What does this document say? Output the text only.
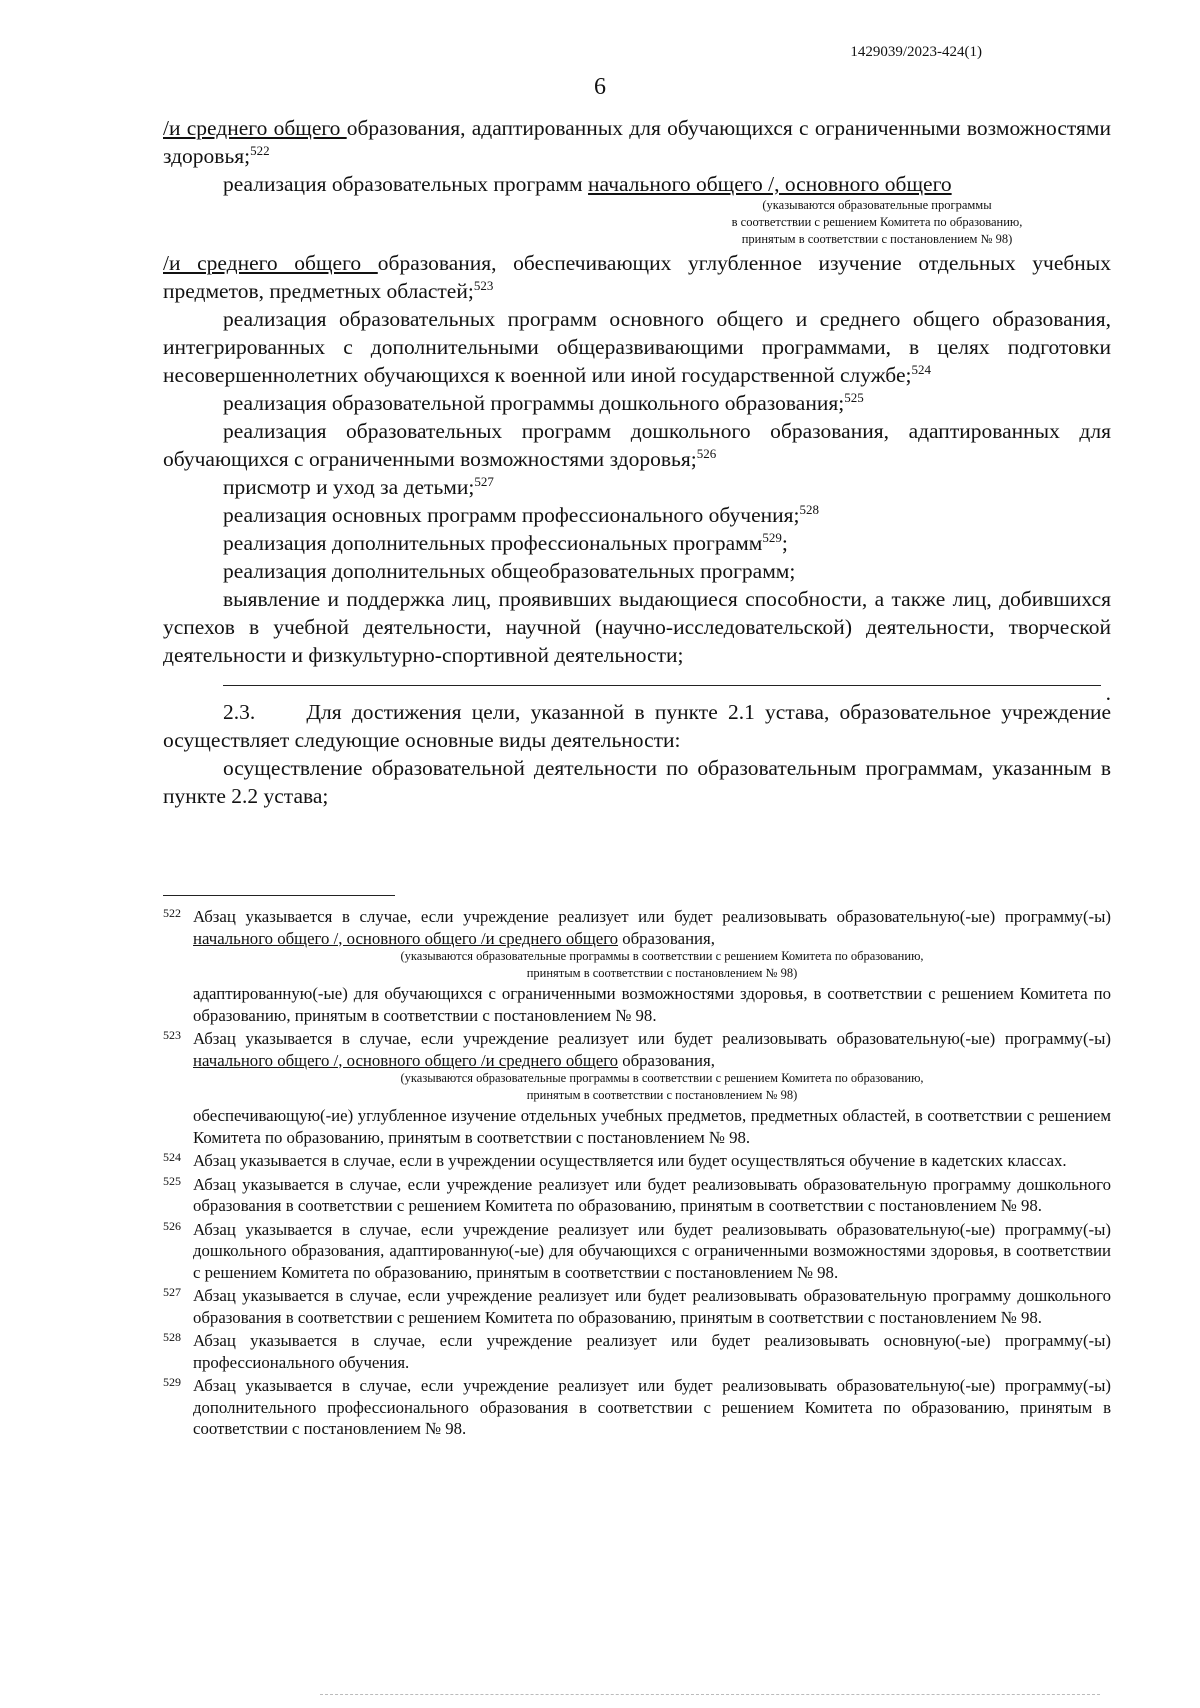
1429039/2023-424(1)
6

/и среднего общего образования, адаптированных для обучающихся с ограниченными возможностями здоровья;$^{522}$

реализация образовательных программ начального общего /, основного общего

(указываются образовательные программы
в соответствии с решением Комитета по образованию,
принятым в соответствии с постановлением № 98)

/и среднего общего образования, обеспечивающих углубленное изучение отдельных учебных предметов, предметных областей;$^{523}$

реализация образовательных программ основного общего и среднего общего образования, интегрированных с дополнительными общеразвивающими программами, в целях подготовки несовершеннолетних обучающихся к военной или иной государственной службе;$^{524}$

реализация образовательной программы дошкольного образования;$^{525}$

реализация образовательных программ дошкольного образования, адаптированных для обучающихся с ограниченными возможностями здоровья;$^{526}$

присмотр и уход за детьми;$^{527}$

реализация основных программ профессионального обучения;$^{528}$

реализация дополнительных профессиональных программ$^{529}$;

реализация дополнительных общеобразовательных программ;

выявление и поддержка лиц, проявивших выдающиеся способности, а также лиц, добившихся успехов в учебной деятельности, научной (научно-исследовательской) деятельности, творческой деятельности и физкультурно-спортивной деятельности;

.

2.3.     Для достижения цели, указанной в пункте 2.1 устава, образовательное учреждение осуществляет следующие основные виды деятельности:

осуществление образовательной деятельности по образовательным программам, указанным в пункте 2.2 устава;

522 Абзац указывается в случае, если учреждение реализует или будет реализовывать образовательную(-ые) программу(-ы) начального общего /, основного общего /и среднего общего образования,

(указываются образовательные программы в соответствии с решением Комитета по образованию,
принятым в соответствии с постановлением № 98)

адаптированную(-ые) для обучающихся с ограниченными возможностями здоровья, в соответствии с решением Комитета по образованию, принятым в соответствии с постановлением № 98.

523 Абзац указывается в случае, если учреждение реализует или будет реализовывать образовательную(-ые) программу(-ы) начального общего /, основного общего /и среднего общего образования,

(указываются образовательные программы в соответствии с решением Комитета по образованию,
принятым в соответствии с постановлением № 98)

обеспечивающую(-ие) углубленное изучение отдельных учебных предметов, предметных областей, в соответствии с решением Комитета по образованию, принятым в соответствии с постановлением № 98.

524 Абзац указывается в случае, если в учреждении осуществляется или будет осуществляться обучение в кадетских классах.

525 Абзац указывается в случае, если учреждение реализует или будет реализовывать образовательную программу дошкольного образования в соответствии с решением Комитета по образованию, принятым в соответствии с постановлением № 98.

526 Абзац указывается в случае, если учреждение реализует или будет реализовывать образовательную(-ые) программу(-ы) дошкольного образования, адаптированную(-ые) для обучающихся с ограниченными возможностями здоровья, в соответствии с решением Комитета по образованию, принятым в соответствии с постановлением № 98.

527 Абзац указывается в случае, если учреждение реализует или будет реализовывать образовательную программу дошкольного образования в соответствии с решением Комитета по образованию, принятым в соответствии с постановлением № 98.

528 Абзац указывается в случае, если учреждение реализует или будет реализовывать основную(-ые) программу(-ы) профессионального обучения.

529 Абзац указывается в случае, если учреждение реализует или будет реализовывать образовательную(-ые) программу(-ы) дополнительного профессионального образования в соответствии с решением Комитета по образованию, принятым в соответствии с постановлением № 98.
